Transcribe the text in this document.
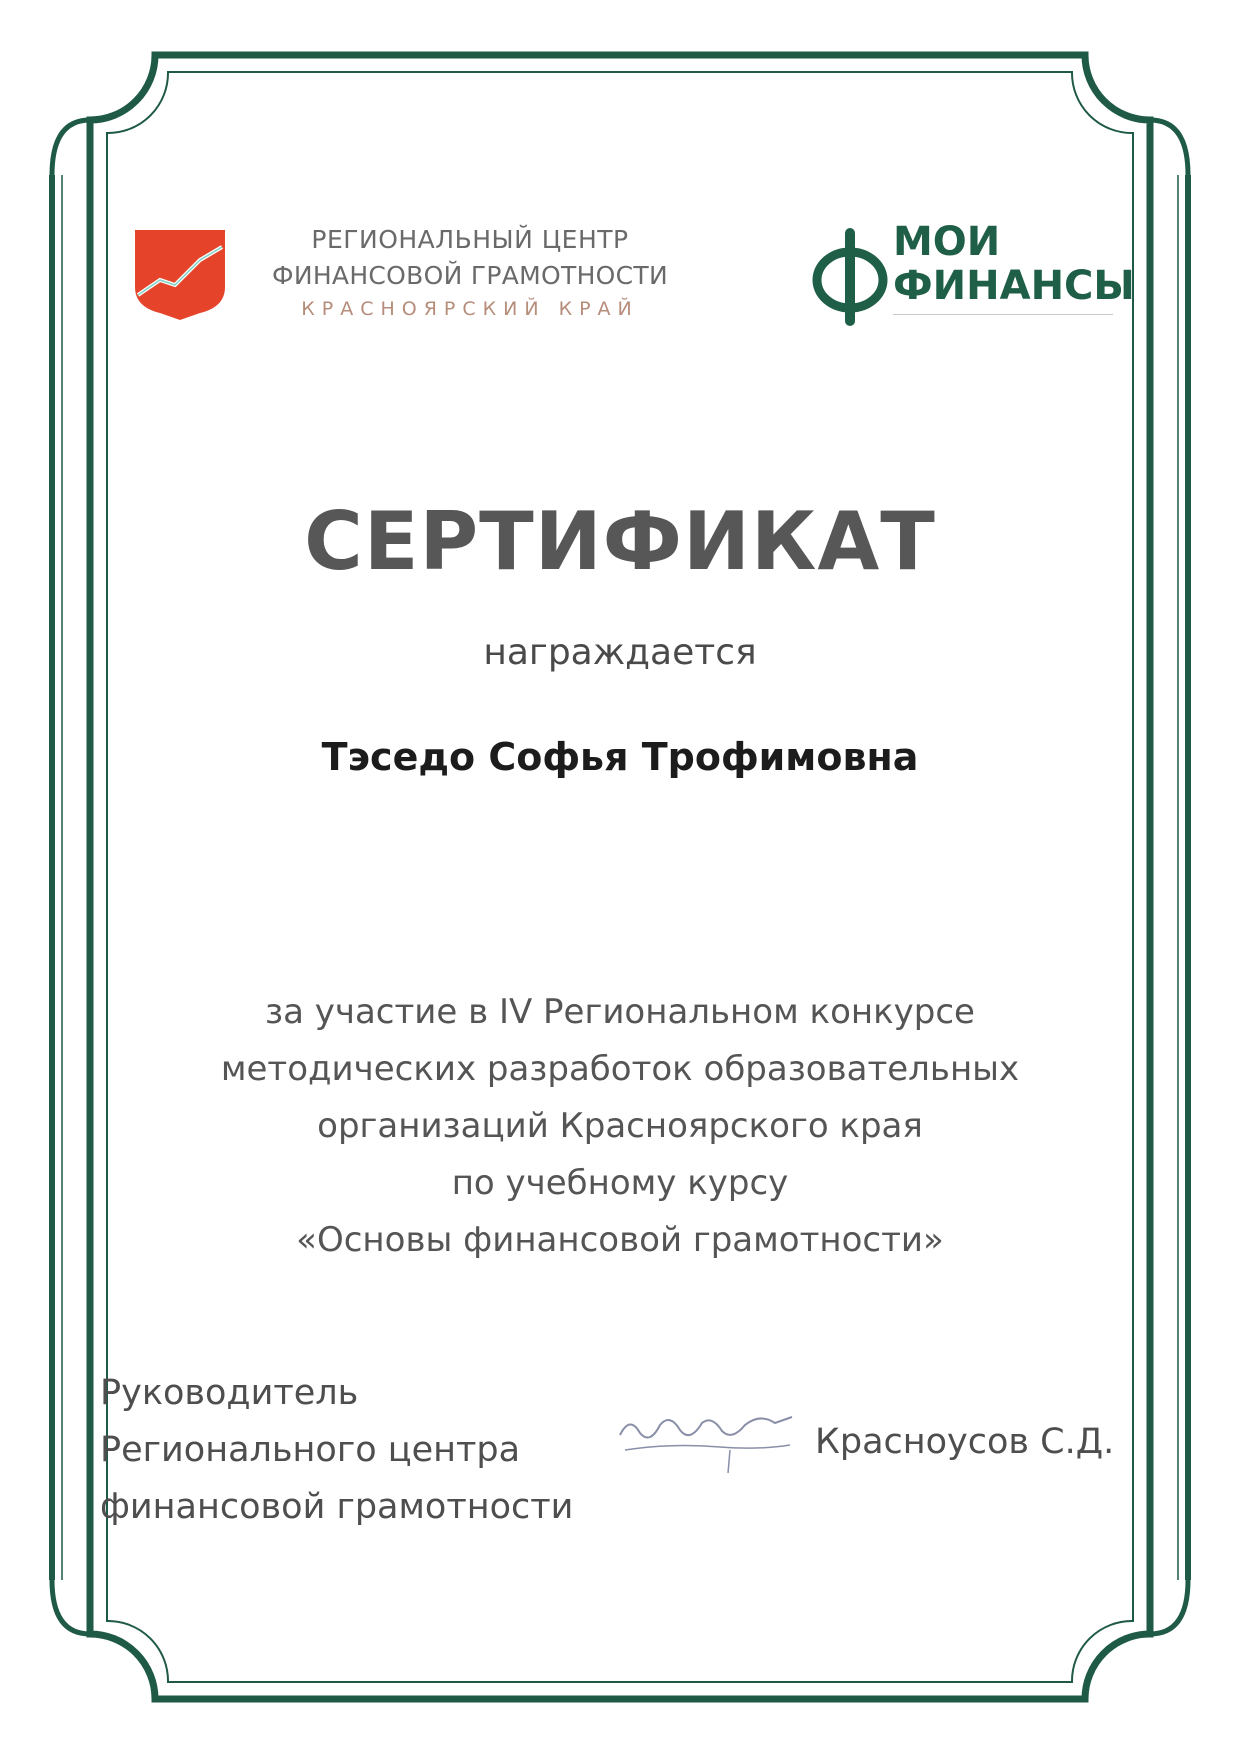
РЕГИОНАЛЬНЫЙ ЦЕНТР
ФИНАНСОВОЙ ГРАМОТНОСТИ
КРАСНОЯРСКИЙ КРАЙ
МОИ
ФИНАНСЫ
СЕРТИФИКАТ
награждается
Тэседо Софья Трофимовна
за участие в IV Региональном конкурсе
методических разработок образовательных
организаций Красноярского края
по учебному курсу
«Основы финансовой грамотности»
Руководитель
Регионального центра
финансовой грамотности
Красноусов С.Д.
